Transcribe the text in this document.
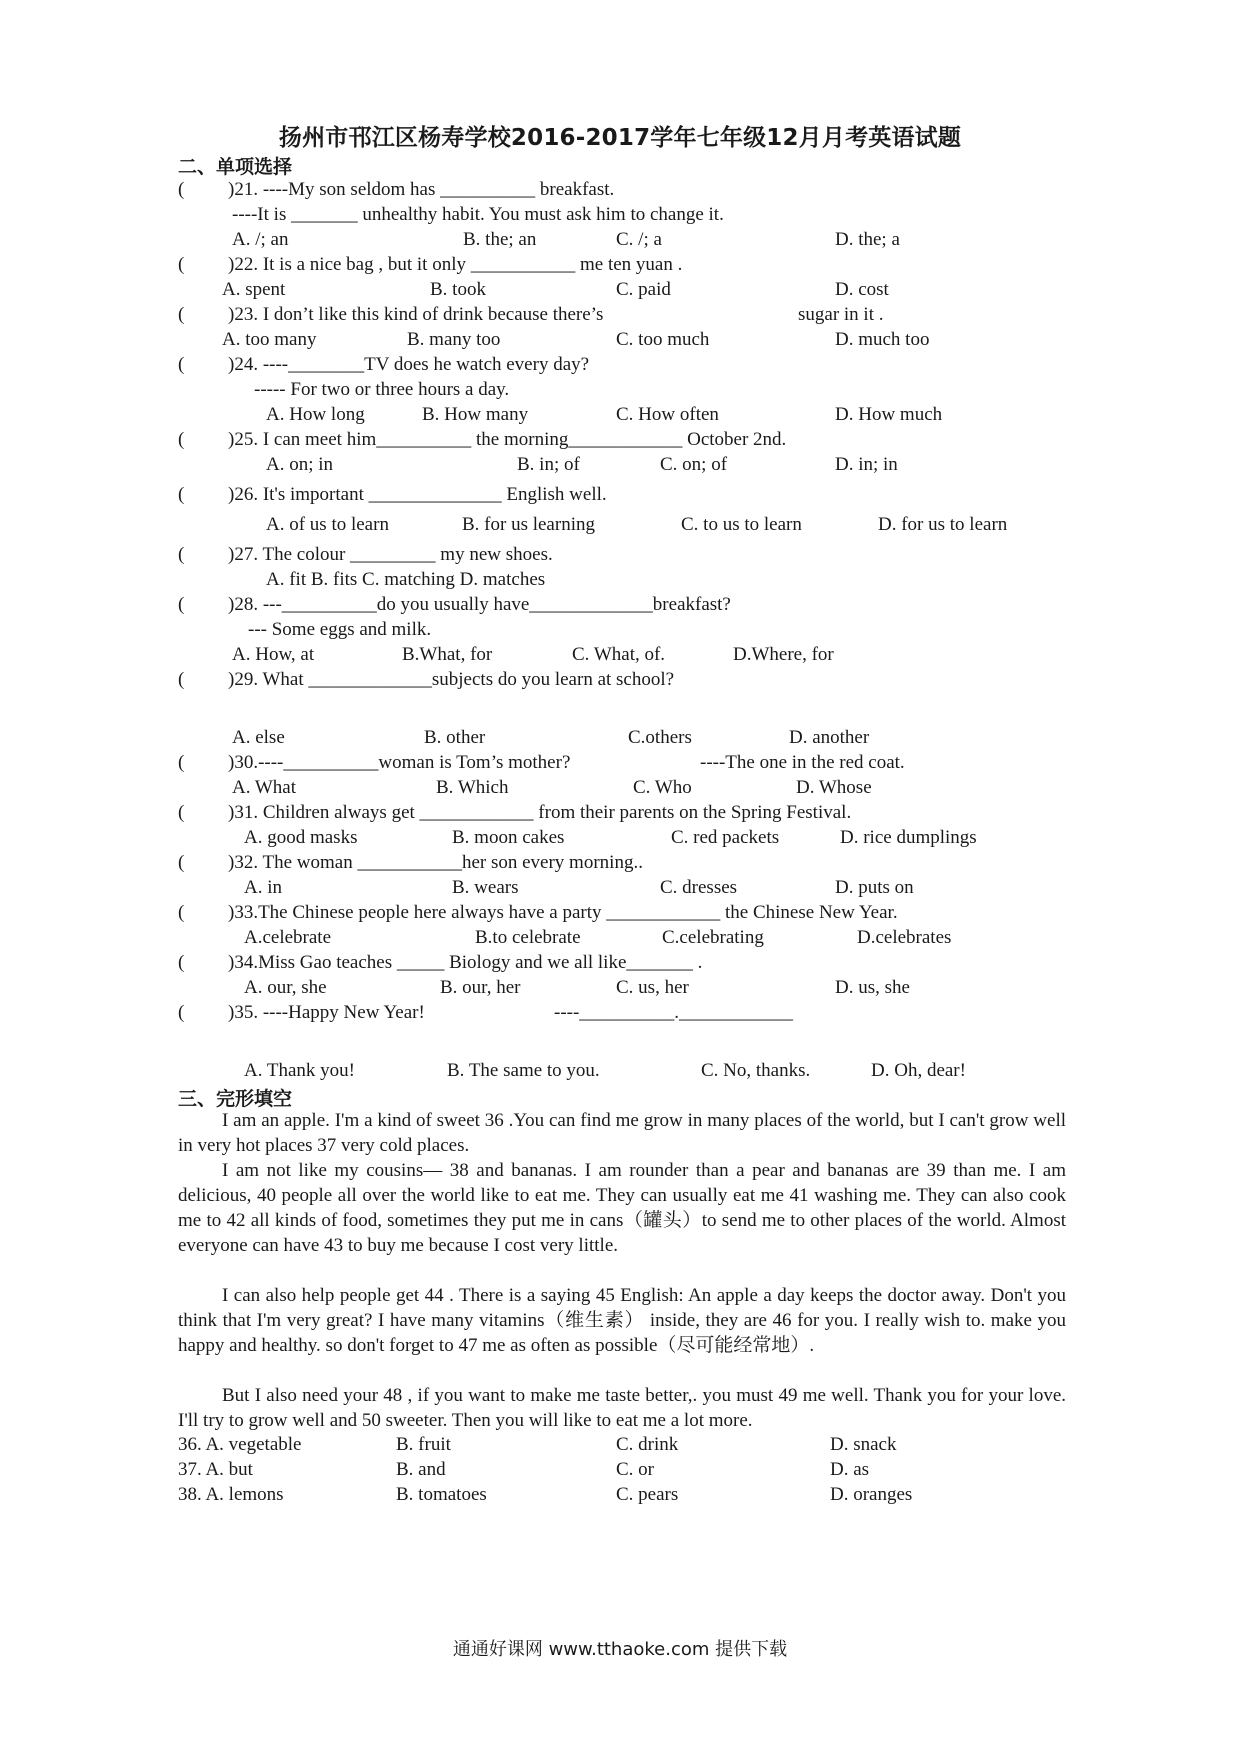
扬州市邗江区杨寿学校2016-2017学年七年级12月月考英语试题
二、单项选择
( )21. ----My son seldom has __________ breakfast.
----It is _______ unhealthy habit. You must ask him to change it.
A. /; an	B. the; an	C. /; a	D. the; a
( )22. It is a nice bag , but it only ___________ me ten yuan .
A. spent	B. took	C. paid	D. cost
( )23. I don’t like this kind of drink because there’s	sugar in it .
A. too many	B. many too	C. too much	D. much too
( )24. ----________TV does he watch every day?
----- For two or three hours a day.
A. How long	B. How many	C. How often	D. How much
( )25. I can meet him__________ the morning____________ October 2nd.
A. on; in	B. in; of	C. on; of	D. in; in
( )26. It's important ______________ English well.
A. of us to learn	B. for us learning	C. to us to learn	D. for us to learn
( )27. The colour _________ my new shoes.
A. fit B. fits C. matching D. matches
( )28. ---__________do you usually have_____________breakfast?
--- Some eggs and milk.
A. How, at	B.What, for	C. What, of.	D.Where, for
( )29. What _____________subjects do you learn at school?
A. else	B. other	C.others	D. another
( )30.----__________woman is Tom’s mother?	----The one in the red coat.
A. What	B. Which	C. Who	D. Whose
( )31. Children always get ____________ from their parents on the Spring Festival.
A. good masks	B. moon cakes	C. red packets	D. rice dumplings
( )32. The woman ___________her son every morning..
A. in	B. wears	C. dresses	D. puts on
( )33.The Chinese people here always have a party ____________ the Chinese New Year.
A.celebrate	B.to celebrate	C.celebrating	D.celebrates
( )34.Miss Gao teaches _____ Biology and we all like_______ .
A. our, she	B. our, her	C. us, her	D. us, she
( )35. ----Happy New Year!	----__________.____________
A. Thank you!	B. The same to you.	C. No, thanks.	D. Oh, dear!
三、完形填空
I am an apple. I'm a kind of sweet 36 .You can find me grow in many places of the world, but I can't grow well in very hot places 37 very cold places.
I am not like my cousins— 38 and bananas. I am rounder than a pear and bananas are 39 than me. I am delicious, 40 people all over the world like to eat me. They can usually eat me 41 washing me. They can also cook me to 42 all kinds of food, sometimes they put me in cans（罐头）to send me to other places of the world. Almost everyone can have 43 to buy me because I cost very little.
I can also help people get 44 . There is a saying 45 English: An apple a day keeps the doctor away. Don't you think that I'm very great? I have many vitamins（维生素） inside, they are 46 for you. I really wish to. make you happy and healthy. so don't forget to 47 me as often as possible（尽可能经常地）.
But I also need your 48 , if you want to make me taste better,. you must 49 me well. Thank you for your love. I'll try to grow well and 50 sweeter. Then you will like to eat me a lot more.
36. A. vegetable	B. fruit	C. drink	D. snack
37. A. but	B. and	C. or	D. as
38. A. lemons	B. tomatoes	C. pears	D. oranges
通通好课网 www.tthaoke.com 提供下载
